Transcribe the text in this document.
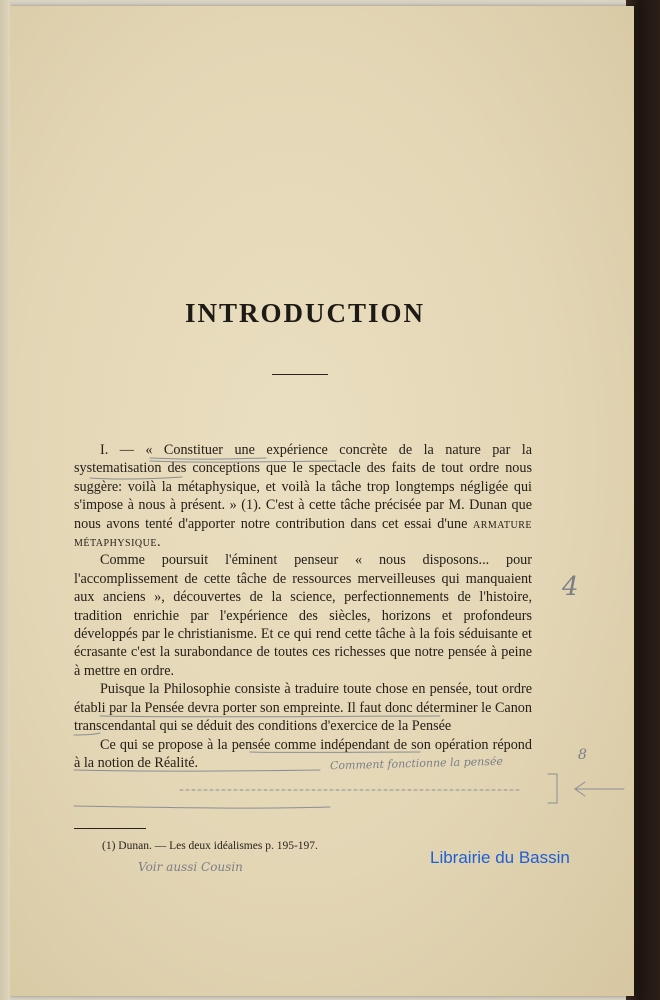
INTRODUCTION

I. — « Constituer une expérience concrète de la nature par la systematisation des conceptions que le spectacle des faits de tout ordre nous suggère: voilà la métaphysique, et voilà la tâche trop longtemps négligée qui s'impose à nous à présent. » (1). C'est à cette tâche précisée par M. Dunan que nous avons tenté d'apporter notre contribution dans cet essai d'une armature métaphysique.

Comme poursuit l'éminent penseur « nous disposons... pour l'accomplissement de cette tâche de ressources merveilleuses qui manquaient aux anciens », découvertes de la science, perfectionnements de l'histoire, tradition enrichie par l'expérience des siècles, horizons et profondeurs développés par le christianisme. Et ce qui rend cette tâche à la fois séduisante et écrasante c'est la surabondance de toutes ces richesses que notre pensée à peine à mettre en ordre.

Puisque la Philosophie consiste à traduire toute chose en pensée, tout ordre établi par la Pensée devra porter son empreinte. Il faut donc déterminer le Canon transcendantal qui se déduit des conditions d'exercice de la Pensée

Ce qui se propose à la pensée comme indépendant de son opération répond à la notion de Réalité.

(1) Dunan. — Les deux idéalismes p. 195-197.

Librairie du Bassin

4

Comment fonctionne la pensée	8

Voir aussi Cousin
